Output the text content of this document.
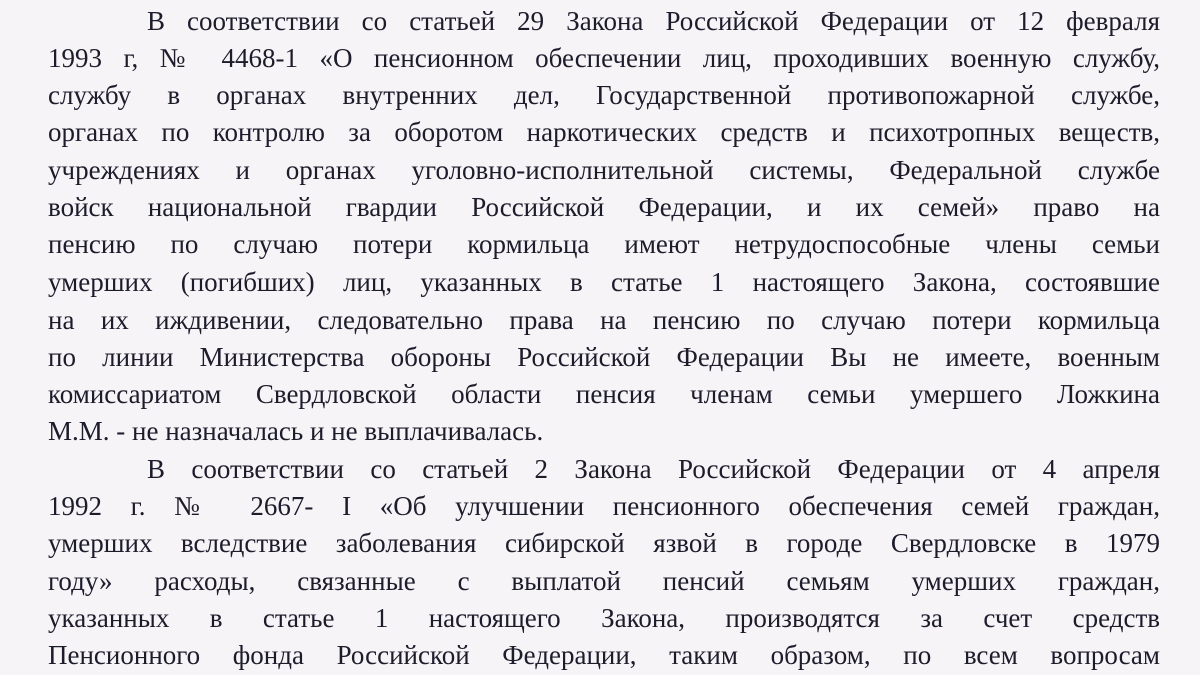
В соответствии со статьей 29 Закона Российской Федерации от 12 февраля
1993 г, № 4468-1 «О пенсионном обеспечении лиц, проходивших военную службу,
службу в органах внутренних дел, Государственной противопожарной службе,
органах по контролю за оборотом наркотических средств и психотропных веществ,
учреждениях и органах уголовно-исполнительной системы, Федеральной службе
войск национальной гвардии Российской Федерации, и их семей» право на
пенсию по случаю потери кормильца имеют нетрудоспособные члены семьи
умерших (погибших) лиц, указанных в статье 1 настоящего Закона, состоявшие
на их иждивении, следовательно права на пенсию по случаю потери кормильца
по линии Министерства обороны Российской Федерации Вы не имеете, военным
комиссариатом Свердловской области пенсия членам семьи умершего Ложкина
М.М. - не назначалась и не выплачивалась.
В соответствии со статьей 2 Закона Российской Федерации от 4 апреля
1992 г. № 2667- I «Об улучшении пенсионного обеспечения семей граждан,
умерших вследствие заболевания сибирской язвой в городе Свердловске в 1979
году» расходы, связанные с выплатой пенсий семьям умерших граждан,
указанных в статье 1 настоящего Закона, производятся за счет средств
Пенсионного фонда Российской Федерации, таким образом, по всем вопросам
